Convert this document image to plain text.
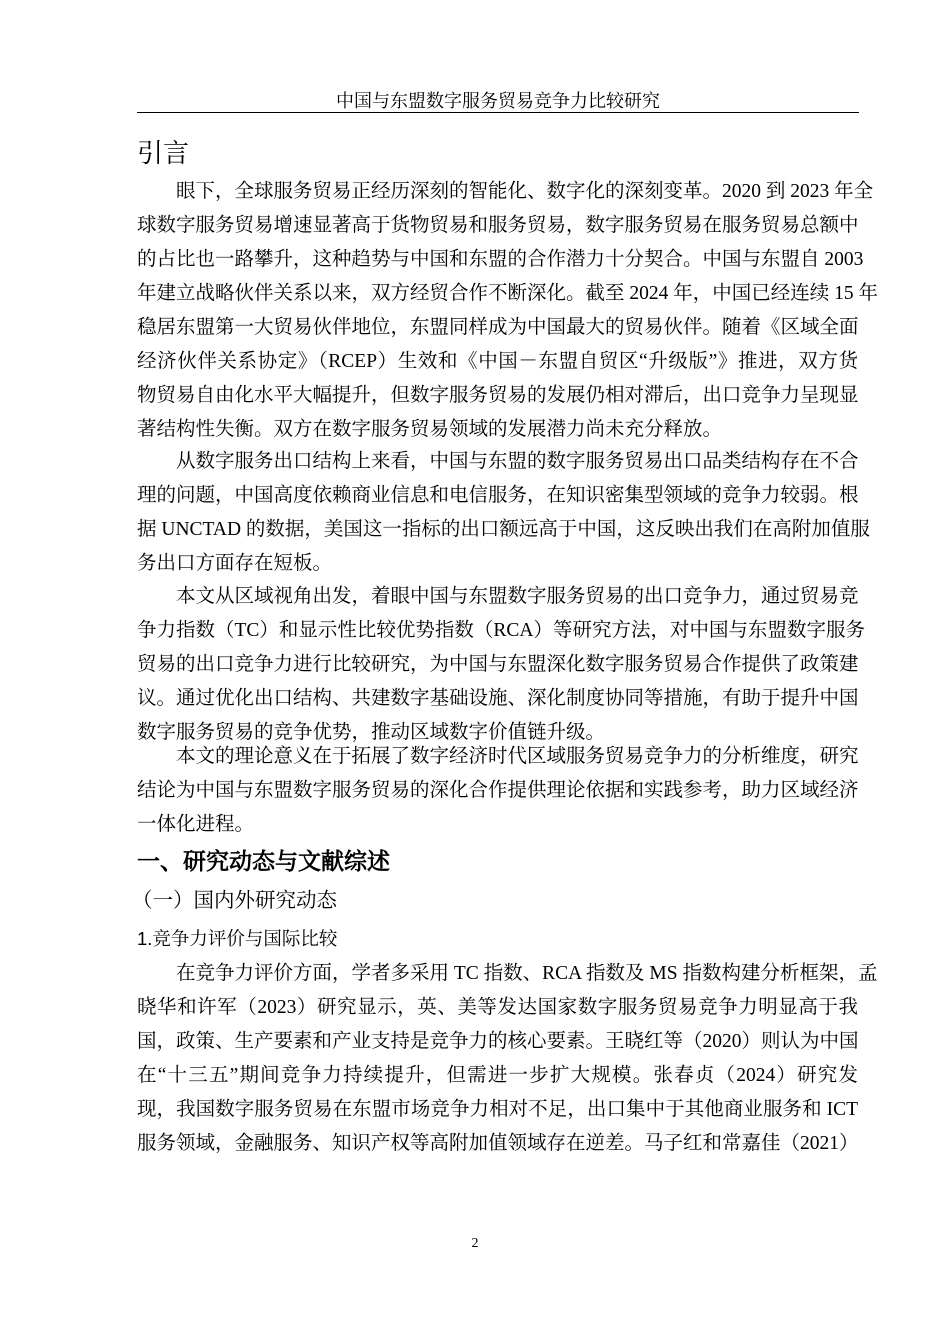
中国与东盟数字服务贸易竞争力比较研究
引言
眼下，全球服务贸易正经历深刻的智能化、数字化的深刻变革。2020 到 2023 年全
球数字服务贸易增速显著高于货物贸易和服务贸易，数字服务贸易在服务贸易总额中
的占比也一路攀升，这种趋势与中国和东盟的合作潜力十分契合。中国与东盟自 2003
年建立战略伙伴关系以来，双方经贸合作不断深化。截至 2024 年，中国已经连续 15 年
稳居东盟第一大贸易伙伴地位，东盟同样成为中国最大的贸易伙伴。随着《区域全面
经济伙伴关系协定》（RCEP）生效和《中国－东盟自贸区“升级版”》推进，双方货
物贸易自由化水平大幅提升，但数字服务贸易的发展仍相对滞后，出口竞争力呈现显
著结构性失衡。双方在数字服务贸易领域的发展潜力尚未充分释放。
从数字服务出口结构上来看，中国与东盟的数字服务贸易出口品类结构存在不合
理的问题，中国高度依赖商业信息和电信服务，在知识密集型领域的竞争力较弱。根
据 UNCTAD 的数据，美国这一指标的出口额远高于中国，这反映出我们在高附加值服
务出口方面存在短板。
本文从区域视角出发，着眼中国与东盟数字服务贸易的出口竞争力，通过贸易竞
争力指数（TC）和显示性比较优势指数（RCA）等研究方法，对中国与东盟数字服务
贸易的出口竞争力进行比较研究，为中国与东盟深化数字服务贸易合作提供了政策建
议。通过优化出口结构、共建数字基础设施、深化制度协同等措施，有助于提升中国
数字服务贸易的竞争优势，推动区域数字价值链升级。
本文的理论意义在于拓展了数字经济时代区域服务贸易竞争力的分析维度，研究
结论为中国与东盟数字服务贸易的深化合作提供理论依据和实践参考，助力区域经济
一体化进程。
一、研究动态与文献综述
（一）国内外研究动态
1.竞争力评价与国际比较
在竞争力评价方面，学者多采用 TC 指数、RCA 指数及 MS 指数构建分析框架，孟
晓华和许军（2023）研究显示，英、美等发达国家数字服务贸易竞争力明显高于我
国，政策、生产要素和产业支持是竞争力的核心要素。王晓红等（2020）则认为中国
在“十三五”期间竞争力持续提升，但需进一步扩大规模。张春贞（2024）研究发
现，我国数字服务贸易在东盟市场竞争力相对不足，出口集中于其他商业服务和 ICT
服务领域，金融服务、知识产权等高附加值领域存在逆差。马子红和常嘉佳（2021）
2
